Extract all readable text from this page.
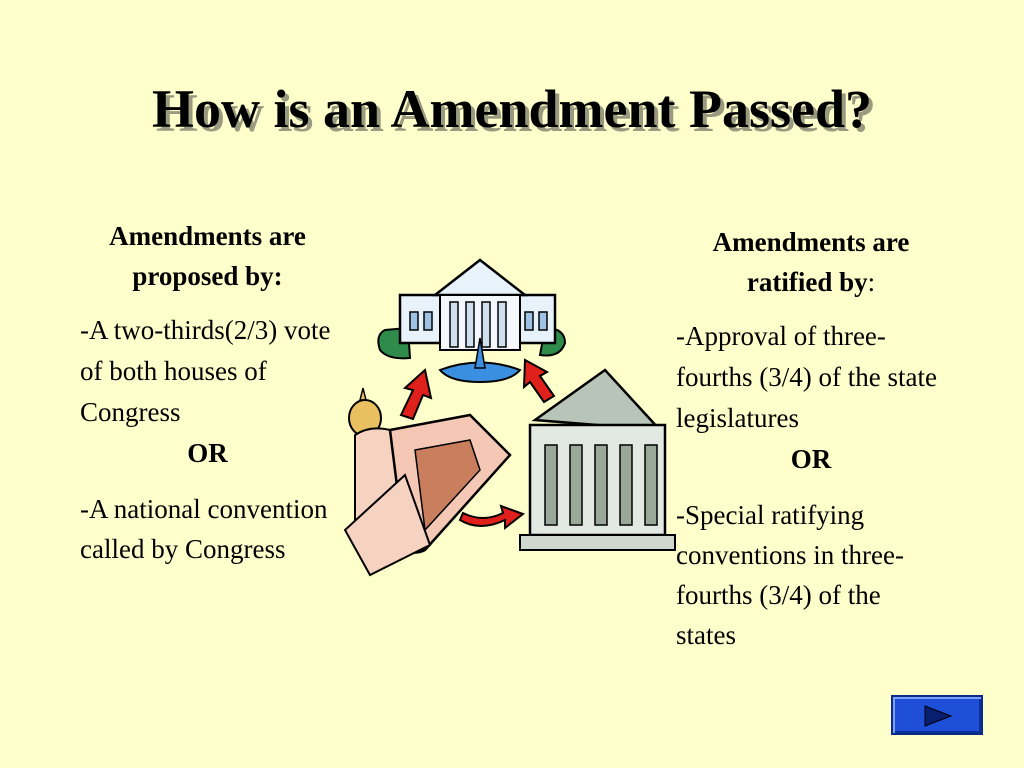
How is an Amendment Passed?
Amendments are proposed by:

-A two-thirds(2/3) vote of both houses of Congress

OR

-A national convention called by Congress

Amendments are ratified by:

-Approval of three-fourths (3/4) of the state legislatures

OR

-Special ratifying conventions in three-fourths (3/4) of the states
